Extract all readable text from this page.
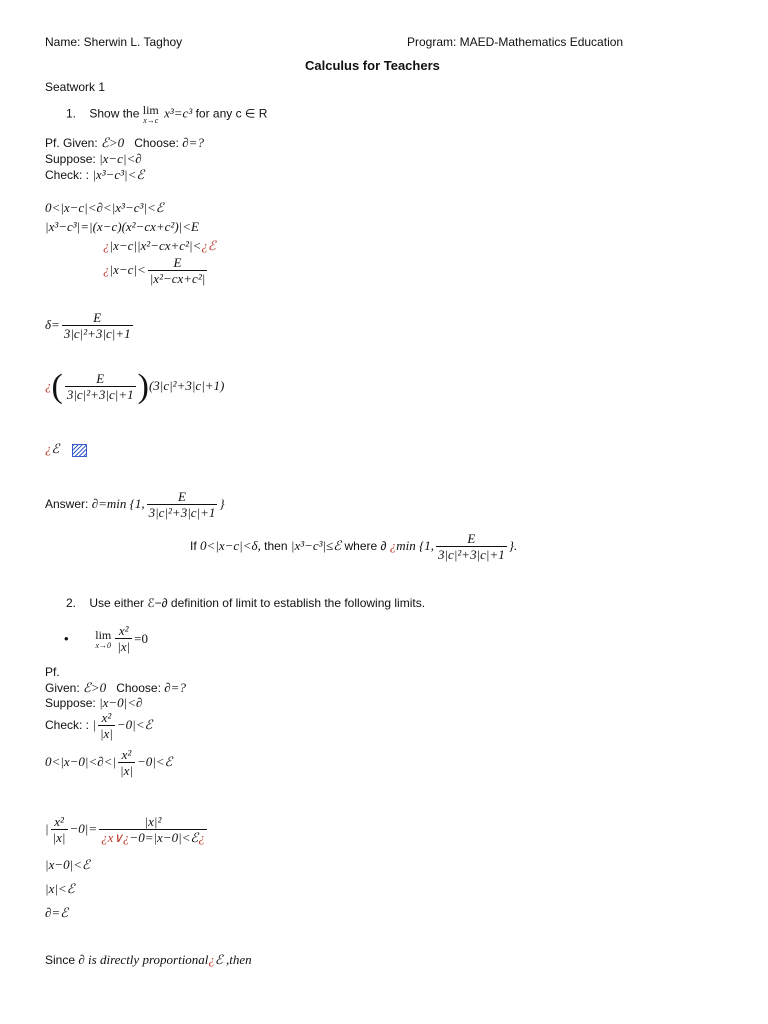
Name: Sherwin L. Taghoy	Program: MAED-Mathematics Education
Calculus for Teachers
Seatwork 1
1. Show the lim
x→c x³=c³ for any c ∈ R
Pf. Given: ℰ>0 Choose: ∂=?
Suppose: |x−c|<∂
Check: : |x³−c³|<ℰ
0<|x−c|<∂<|x³−c³|<ℰ
|x³−c³|=|(x−c)(x²−cx+c²)|<E
¿|x−c||x²−cx+c²|<¿ℰ
¿$|x-c|< \frac{E}{\text{|x²−cx+c²|}}$
$\delta= \frac{E}{\text{3|c|²+3|c|+1}}$
¿( $\frac{E}{\text{3|c|²+3|c|+1}} )(3|c|^2+3|c|+1)$
¿ℰ
Answer: ∂=min {1, $\frac{E}{\text{3|c|²+3|c|+1}}$ }
If 0<|x−c|<δ, then |x³−c³|≤ℰ where ∂ ¿min {1, $\frac{E}{\text{3|c|²+3|c|+1}}$ }.
2. Use either ℰ−∂ definition of limit to establish the following limits.
• lim
$x\to 0 \frac{\text{x²}}{|x|} =0$
Pf.
Given: ℰ>0 Choose: ∂=?
Suppose: |x−0|<∂
Check: : | $\frac{\text{x²}}{|x|}$ −0|<ℰ
$0<|x-0|<\partial<| \frac{\text{x²}}{|x|}$ −0|<ℰ
| $\frac{\text{x²}}{|x|} -0|= \frac{\text{|x|²}}{\text{¿x∨¿−0=|x−0|<ℰ¿}}$
|x−0|<ℰ
|x|<ℰ
∂=ℰ
Since ∂ is directly proportional¿ℰ ,then
